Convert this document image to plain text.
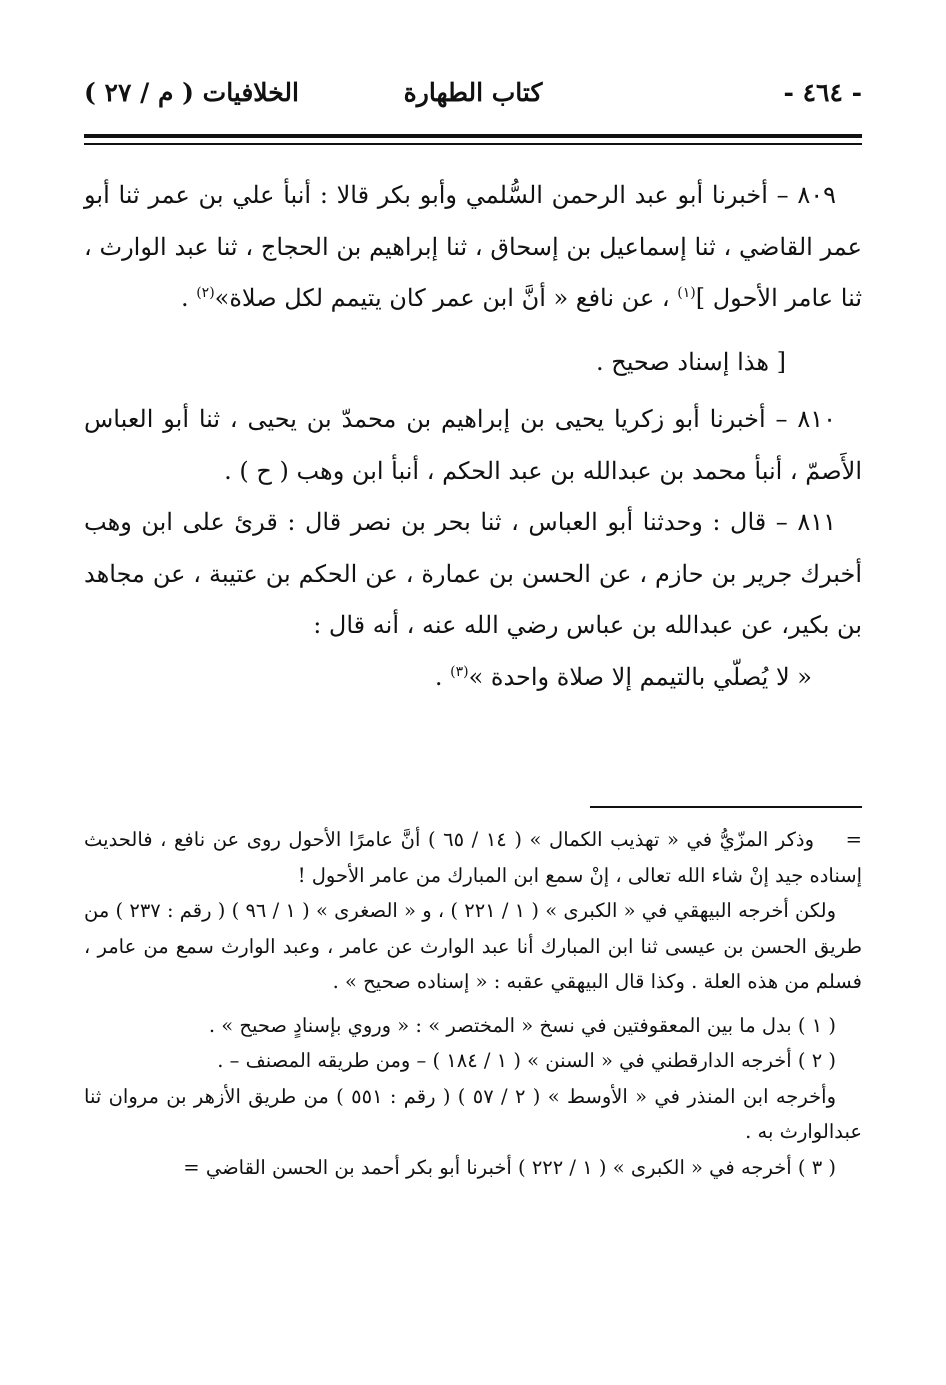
- ٤٦٤ -
كتاب الطهارة
الخلافيات ( م / ٢٧ )

٨٠٩ – أخبرنا أبو عبد الرحمن السُّلمي وأبو بكر قالا : أنبأ علي بن عمر ثنا أبو عمر القاضي ، ثنا إسماعيل بن إسحاق ، ثنا إبراهيم بن الحجاج ، ثنا عبد الوارث ، ثنا عامر الأحول ]$^{(١)}$ ، عن نافع « أنَّ ابن عمر كان يتيمم لكل صلاة»$^{(٢)}$ .

[ هذا إسناد صحيح .

٨١٠ – أخبرنا أبو زكريا يحيى بن إبراهيم بن محمدّ بن يحيى ، ثنا أبو العباس الأَصمّ ، أنبأ محمد بن عبدالله بن عبد الحكم ، أنبأ ابن وهب ( ح ) .

٨١١ – قال : وحدثنا أبو العباس ، ثنا بحر بن نصر قال : قرئ على ابن وهب أخبرك جرير بن حازم ، عن الحسن بن عمارة ، عن الحكم بن عتيبة ، عن مجاهد بن بكير، عن عبدالله بن عباس رضي الله عنه ، أنه قال :

« لا يُصلّي بالتيمم إلا صلاة واحدة »$^{(٣)}$ .

=وذكر المزّيُّ في « تهذيب الكمال » ( ١٤ / ٦٥ ) أنَّ عامرًا الأحول روى عن نافع ، فالحديث إسناده جيد إنْ شاء الله تعالى ، إنْ سمع ابن المبارك من عامر الأحول !

ولكن أخرجه البيهقي في « الكبرى » ( ١ / ٢٢١ ) ، و « الصغرى » ( ١ / ٩٦ ) ( رقم : ٢٣٧ ) من طريق الحسن بن عيسى ثنا ابن المبارك أنا عبد الوارث عن عامر ، وعبد الوارث سمع من عامر ، فسلم من هذه العلة . وكذا قال البيهقي عقبه : « إسناده صحيح » .

( ١ ) بدل ما بين المعقوفتين في نسخ « المختصر » : « وروي بإسنادٍ صحيح » .

( ٢ ) أخرجه الدارقطني في « السنن » ( ١ / ١٨٤ ) – ومن طريقه المصنف – .

وأخرجه ابن المنذر في « الأوسط » ( ٢ / ٥٧ ) ( رقم : ٥٥١ ) من طريق الأزهر بن مروان ثنا عبدالوارث به .

( ٣ ) أخرجه في « الكبرى » ( ١ / ٢٢٢ ) أخبرنا أبو بكر أحمد بن الحسن القاضي =
